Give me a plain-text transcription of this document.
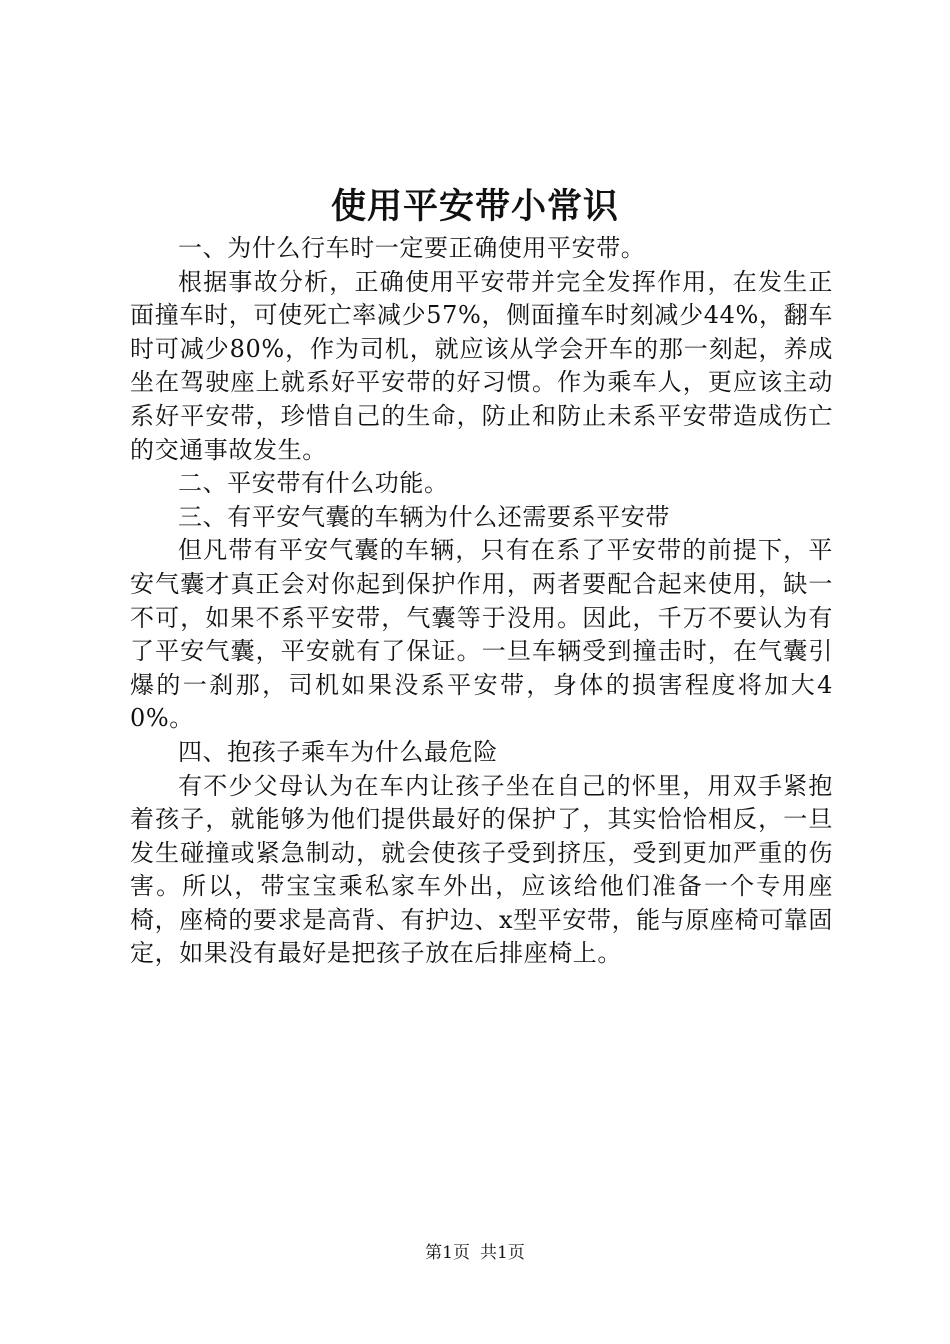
使用平安带小常识

一、为什么行车时一定要正确使用平安带。

根据事故分析，正确使用平安带并完全发挥作用，在发生正面撞车时，可使死亡率减少57%，侧面撞车时刻减少44%，翻车时可减少80%，作为司机，就应该从学会开车的那一刻起，养成坐在驾驶座上就系好平安带的好习惯。作为乘车人，更应该主动系好平安带，珍惜自己的生命，防止和防止未系平安带造成伤亡的交通事故发生。

二、平安带有什么功能。

三、有平安气囊的车辆为什么还需要系平安带

但凡带有平安气囊的车辆，只有在系了平安带的前提下，平安气囊才真正会对你起到保护作用，两者要配合起来使用，缺一不可，如果不系平安带，气囊等于没用。因此，千万不要认为有了平安气囊，平安就有了保证。一旦车辆受到撞击时，在气囊引爆的一刹那，司机如果没系平安带，身体的损害程度将加大40%。

四、抱孩子乘车为什么最危险

有不少父母认为在车内让孩子坐在自己的怀里，用双手紧抱着孩子，就能够为他们提供最好的保护了，其实恰恰相反，一旦发生碰撞或紧急制动，就会使孩子受到挤压，受到更加严重的伤害。所以，带宝宝乘私家车外出，应该给他们准备一个专用座椅，座椅的要求是高背、有护边、x型平安带，能与原座椅可靠固定，如果没有最好是把孩子放在后排座椅上。

第1页 共1页
